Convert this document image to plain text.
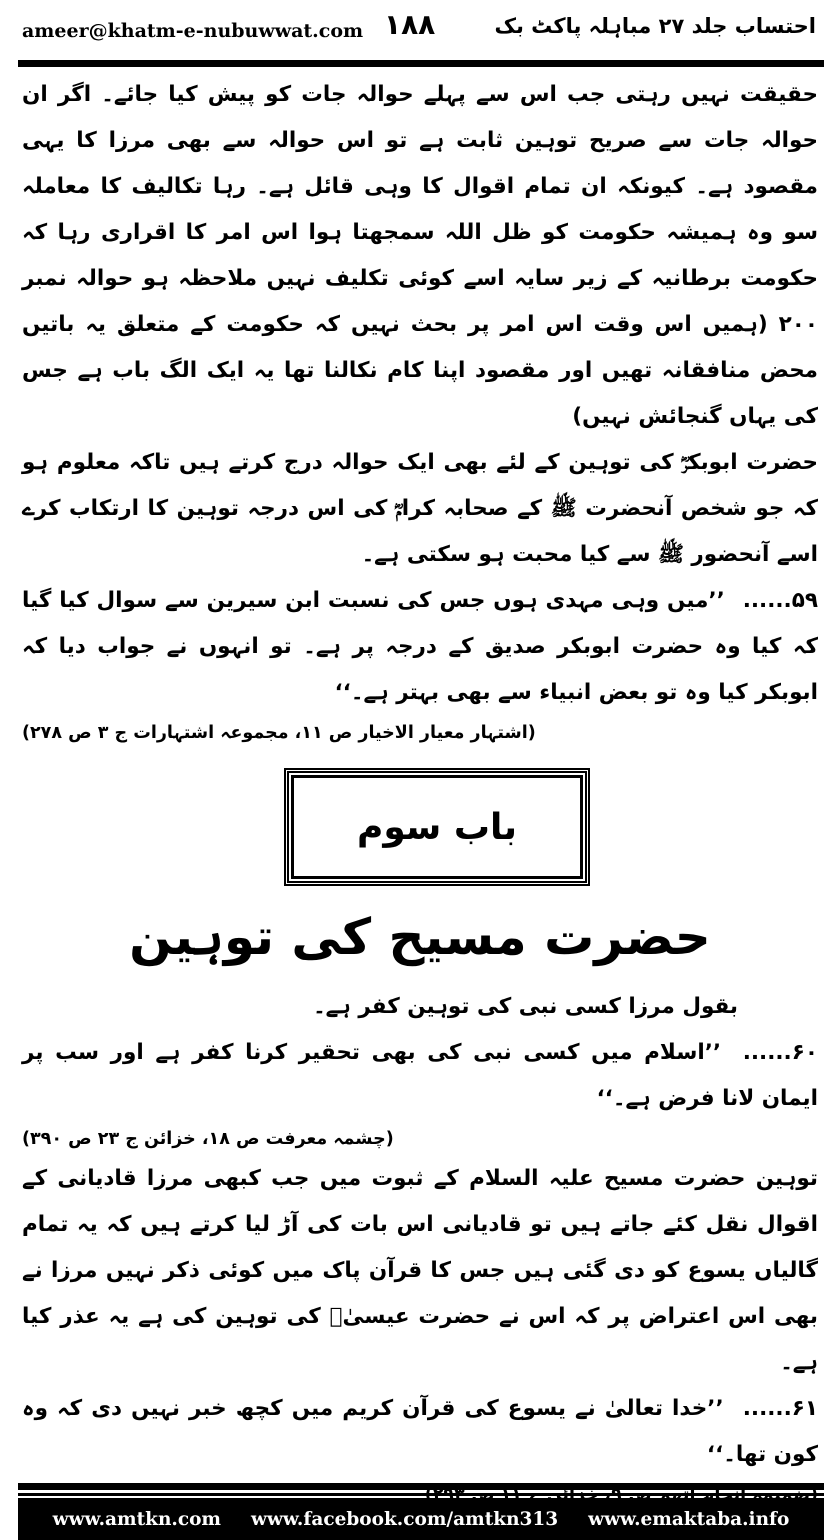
ameer@khatm-e-nubuwwat.com ۱۸۸	احتساب جلد ۲۷ مباہلہ پاکٹ بک

حقیقت نہیں رہتی جب اس سے پہلے حوالہ جات کو پیش کیا جائے۔ اگر ان حوالہ جات سے صریح توہین ثابت ہے تو اس حوالہ سے بھی مرزا کا یہی مقصود ہے۔ کیونکہ ان تمام اقوال کا وہی قائل ہے۔ رہا تکالیف کا معاملہ سو وہ ہمیشہ حکومت کو ظل اللہ سمجھتا ہوا اس امر کا اقراری رہا کہ حکومت برطانیہ کے زیر سایہ اسے کوئی تکلیف نہیں ملاحظہ ہو حوالہ نمبر ۲۰۰ (ہمیں اس وقت اس امر پر بحث نہیں کہ حکومت کے متعلق یہ باتیں محض منافقانہ تھیں اور مقصود اپنا کام نکالنا تھا یہ ایک الگ باب ہے جس کی یہاں گنجائش نہیں)

حضرت ابوبکرؓ کی توہین کے لئے بھی ایک حوالہ درج کرتے ہیں تاکہ معلوم ہو کہ جو شخص آنحضرت ﷺ کے صحابہ کرامؓ کی اس درجہ توہین کا ارتکاب کرے اسے آنحضور ﷺ سے کیا محبت ہو سکتی ہے۔

۵۹...... ’’میں وہی مہدی ہوں جس کی نسبت ابن سیرین سے سوال کیا گیا کہ کیا وہ حضرت ابوبکر صدیق کے درجہ پر ہے۔ تو انہوں نے جواب دیا کہ ابوبکر کیا وہ تو بعض انبیاء سے بھی بہتر ہے۔‘‘

(اشتہار معیار الاخیار ص ۱۱، مجموعہ اشتہارات ج ۳ ص ۲۷۸)

باب سوم
حضرت مسیح کی توہین

بقول مرزا کسی نبی کی توہین کفر ہے۔

۶۰...... ’’اسلام میں کسی نبی کی بھی تحقیر کرنا کفر ہے اور سب پر ایمان لانا فرض ہے۔‘‘

(چشمہ معرفت ص ۱۸، خزائن ج ۲۳ ص ۳۹۰)

توہین حضرت مسیح علیہ السلام کے ثبوت میں جب کبھی مرزا قادیانی کے اقوال نقل کئے جاتے ہیں تو قادیانی اس بات کی آڑ لیا کرتے ہیں کہ یہ تمام گالیاں یسوع کو دی گئی ہیں جس کا قرآن پاک میں کوئی ذکر نہیں مرزا نے بھی اس اعتراض پر کہ اس نے حضرت عیسیٰؑ کی توہین کی ہے یہ عذر کیا ہے۔

۶۱...... ’’خدا تعالیٰ نے یسوع کی قرآن کریم میں کچھ خبر نہیں دی کہ وہ کون تھا۔‘‘

www.amtkn.com www.facebook.com/amtkn313 www.emaktaba.info
